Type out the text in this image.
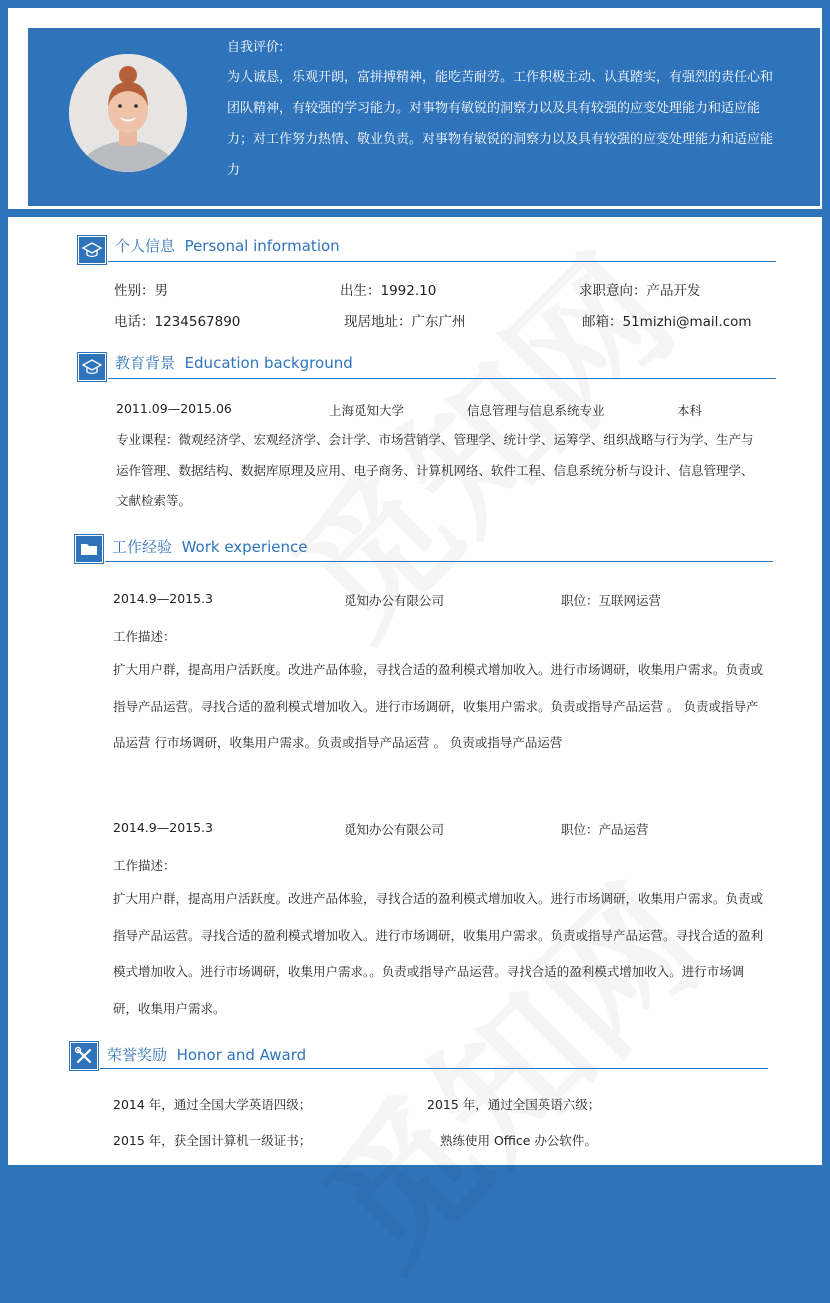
自我评价:
为人诚恳，乐观开朗，富拼搏精神，能吃苦耐劳。工作积极主动、认真踏实，有强烈的责任心和团队精神，有较强的学习能力。对事物有敏锐的洞察力以及具有较强的应变处理能力和适应能力；对工作努力热情、敬业负责。对事物有敏锐的洞察力以及具有较强的应变处理能力和适应能力
个人信息 Personal information
性别：男	出生：1992.10	求职意向：产品开发
电话：1234567890	现居地址：广东广州	邮箱：51mizhi@mail.com
教育背景 Education background
2011.09—2015.06	上海觅知大学	信息管理与信息系统专业	本科
专业课程：微观经济学、宏观经济学、会计学、市场营销学、管理学、统计学、运筹学、组织战略与行为学、生产与运作管理、数据结构、数据库原理及应用、电子商务、计算机网络、软件工程、信息系统分析与设计、信息管理学、文献检索等。
工作经验 Work experience
2014.9—2015.3	觅知办公有限公司	职位：互联网运营
工作描述：
扩大用户群，提高用户活跃度。改进产品体验，寻找合适的盈利模式增加收入。进行市场调研，收集用户需求。负责或指导产品运营。寻找合适的盈利模式增加收入。进行市场调研，收集用户需求。负责或指导产品运营 。 负责或指导产品运营 行市场调研，收集用户需求。负责或指导产品运营 。 负责或指导产品运营
2014.9—2015.3	觅知办公有限公司	职位：产品运营
工作描述：
扩大用户群，提高用户活跃度。改进产品体验，寻找合适的盈利模式增加收入。进行市场调研，收集用户需求。负责或指导产品运营。寻找合适的盈利模式增加收入。进行市场调研，收集用户需求。负责或指导产品运营。寻找合适的盈利模式增加收入。进行市场调研，收集用户需求。。负责或指导产品运营。寻找合适的盈利模式增加收入。进行市场调研，收集用户需求。
荣誉奖励 Honor and Award
2014 年，通过全国大学英语四级；	2015 年，通过全国英语六级；
2015 年，获全国计算机一级证书；	熟练使用 Office 办公软件。
